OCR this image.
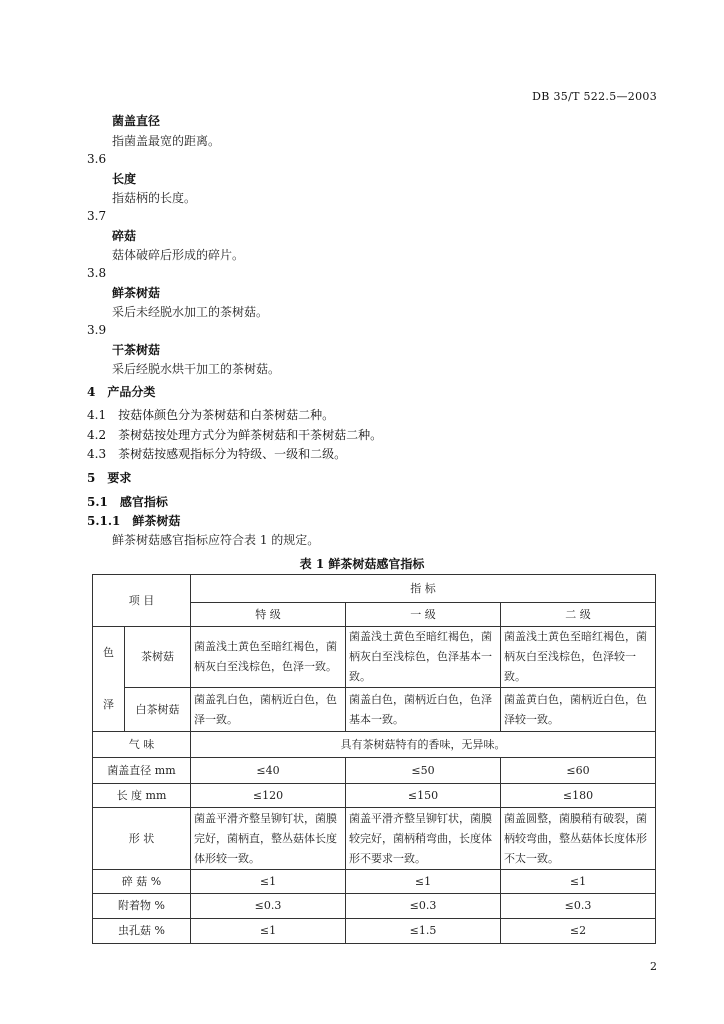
DB 35/T 522.5—2003
菌盖直径
指菌盖最宽的距离。
3.6
长度
指菇柄的长度。
3.7
碎菇
菇体破碎后形成的碎片。
3.8
鲜茶树菇
采后未经脱水加工的茶树菇。
3.9
干茶树菇
采后经脱水烘干加工的茶树菇。
4 产品分类
4.1 按菇体颜色分为茶树菇和白茶树菇二种。
4.2 茶树菇按处理方式分为鲜茶树菇和干茶树菇二种。
4.3 茶树菇按感观指标分为特级、一级和二级。
5 要求
5.1 感官指标
5.1.1 鲜茶树菇
鲜茶树菇感官指标应符合表 1 的规定。
表 1 鲜茶树菇感官指标
项 目		指 标		
		特 级	一 级	二 级

色
泽	茶树菇	菌盖浅土黄色至暗红褐色，菌柄灰白至浅棕色，色泽一致。	菌盖浅土黄色至暗红褐色，菌柄灰白至浅棕色，色泽基本一致。	菌盖浅土黄色至暗红褐色，菌柄灰白至浅棕色，色泽较一致。
	白茶树菇	菌盖乳白色，菌柄近白色，色泽一致。	菌盖白色，菌柄近白色，色泽基本一致。	菌盖黄白色，菌柄近白色，色泽较一致。
气 味		具有茶树菇特有的香味，无异味。		
菌盖直径 mm		≤40	≤50	≤60
长 度 mm		≤120	≤150	≤180
形 状		菌盖平滑齐整呈铆钉状，菌膜完好，菌柄直，整丛菇体长度体形较一致。	菌盖平滑齐整呈铆钉状，菌膜较完好，菌柄稍弯曲，长度体形不要求一致。	菌盖圆整，菌膜稍有破裂，菌柄较弯曲，整丛菇体长度体形不太一致。
碎 菇 %		≤1	≤1	≤1
附着物 %		≤0.3	≤0.3	≤0.3
虫孔菇 %		≤1	≤1.5	≤2
2
